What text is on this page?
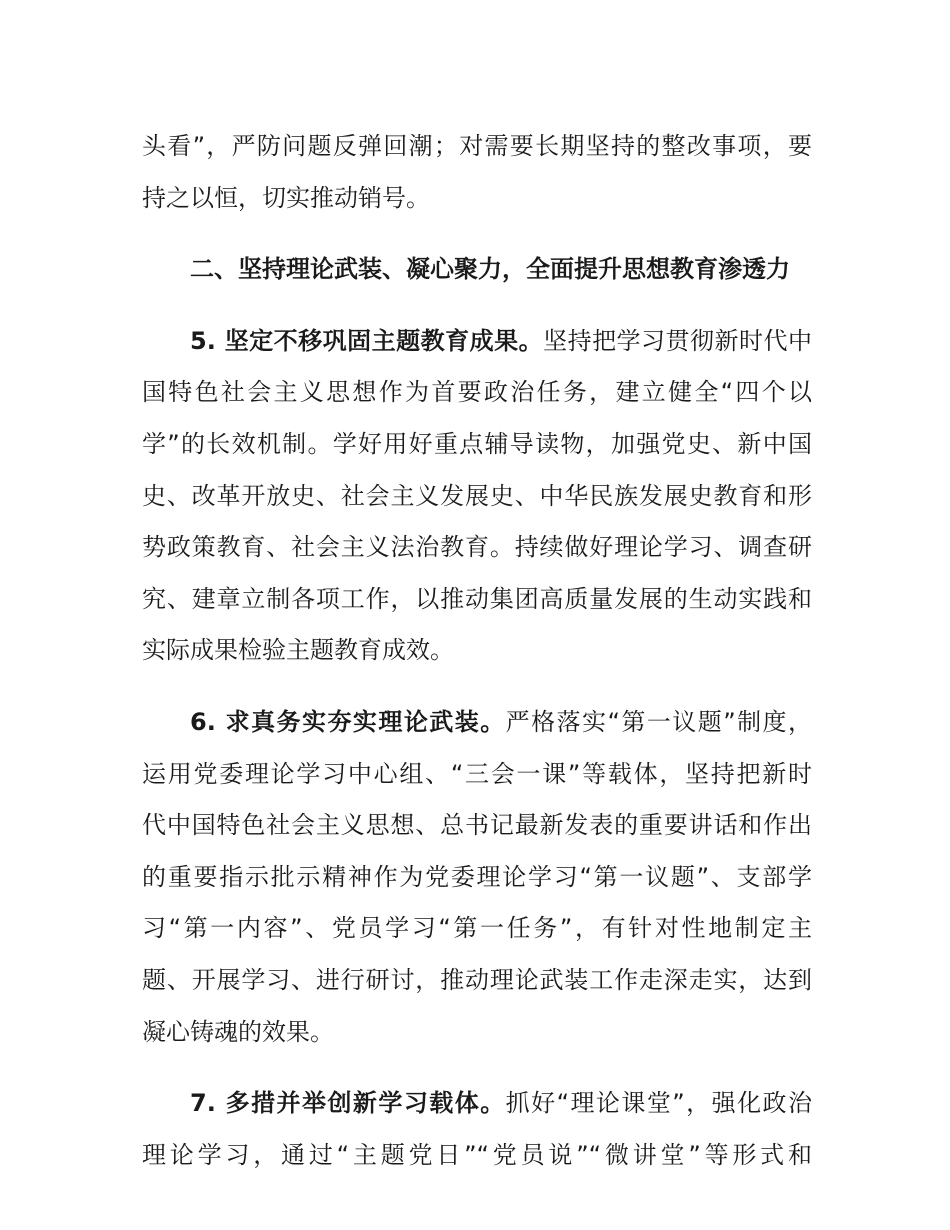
头看”，严防问题反弹回潮；对需要长期坚持的整改事项，要
持之以恒，切实推动销号。
二、坚持理论武装、凝心聚力，全面提升思想教育渗透力
5. 坚定不移巩固主题教育成果。坚持把学习贯彻新时代中
国特色社会主义思想作为首要政治任务，建立健全“四个以
学”的长效机制。学好用好重点辅导读物，加强党史、新中国
史、改革开放史、社会主义发展史、中华民族发展史教育和形
势政策教育、社会主义法治教育。持续做好理论学习、调查研
究、建章立制各项工作，以推动集团高质量发展的生动实践和
实际成果检验主题教育成效。
6. 求真务实夯实理论武装。严格落实“第一议题”制度，
运用党委理论学习中心组、“三会一课”等载体，坚持把新时
代中国特色社会主义思想、总书记最新发表的重要讲话和作出
的重要指示批示精神作为党委理论学习“第一议题”、支部学
习“第一内容”、党员学习“第一任务”，有针对性地制定主
题、开展学习、进行研讨，推动理论武装工作走深走实，达到
凝心铸魂的效果。
7. 多措并举创新学习载体。抓好“理论课堂”，强化政治
理论学习，通过“主题党日”“党员说”“微讲堂”等形式和
